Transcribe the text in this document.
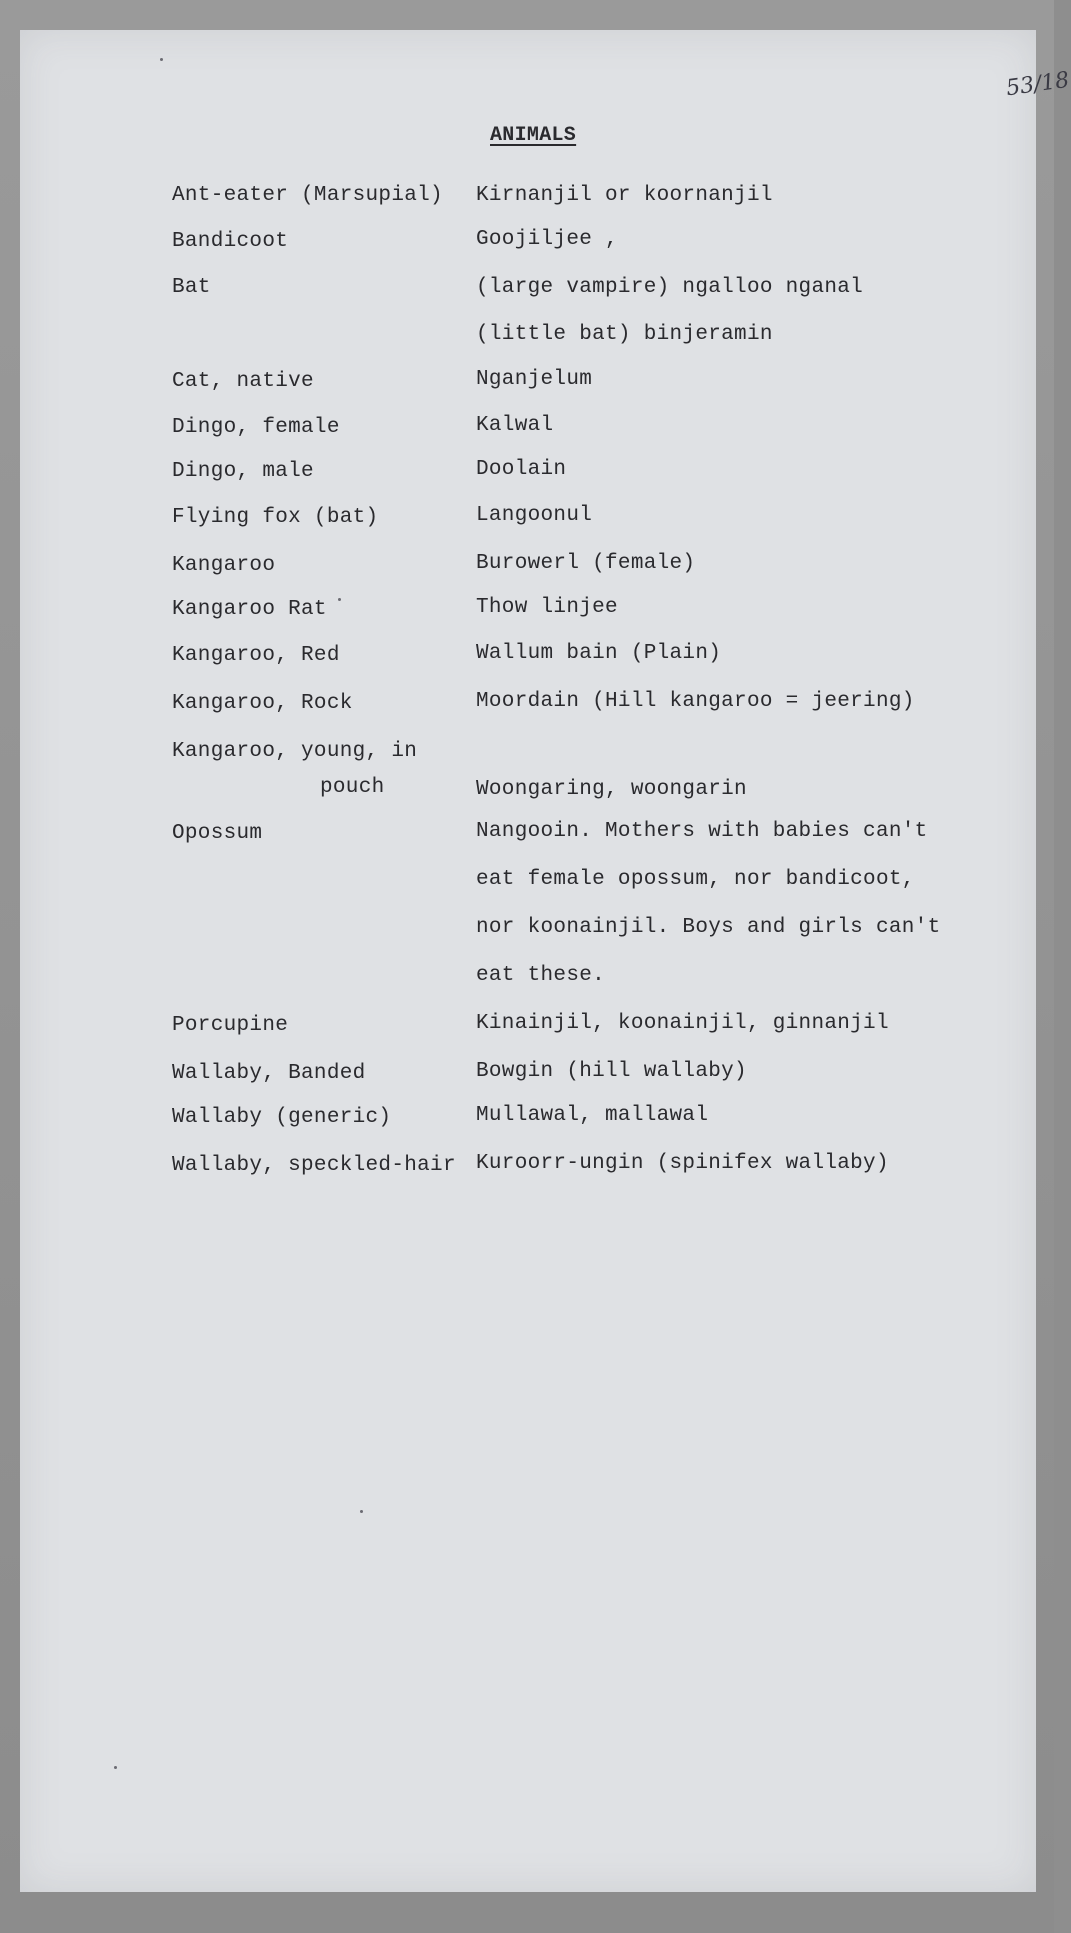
53/18
ANIMALS
Ant-eater (Marsupial) Kirnanjil or koornanjil
Bandicoot	Goojiljee ,
Bat	(large vampire) ngalloo nganal
(little bat) binjeramin
Cat, native	Nganjelum
Dingo, female	Kalwal
Dingo, male	Doolain
Flying fox (bat)	Langoonul
Kangaroo	Burowerl (female)
Kangaroo Rat	Thow linjee
Kangaroo, Red	Wallum bain (Plain)
Kangaroo, Rock	Moordain (Hill kangaroo = jeering)
Kangaroo, young, in
pouch	Woongaring, woongarin
Opossum	Nangooin. Mothers with babies can't
eat female opossum, nor bandicoot,
nor koonainjil. Boys and girls can't
eat these.
Porcupine	Kinainjil, koonainjil, ginnanjil
Wallaby, Banded	Bowgin (hill wallaby)
Wallaby (generic)	Mullawal, mallawal
Wallaby, speckled-hair Kuroorr-ungin (spinifex wallaby)
